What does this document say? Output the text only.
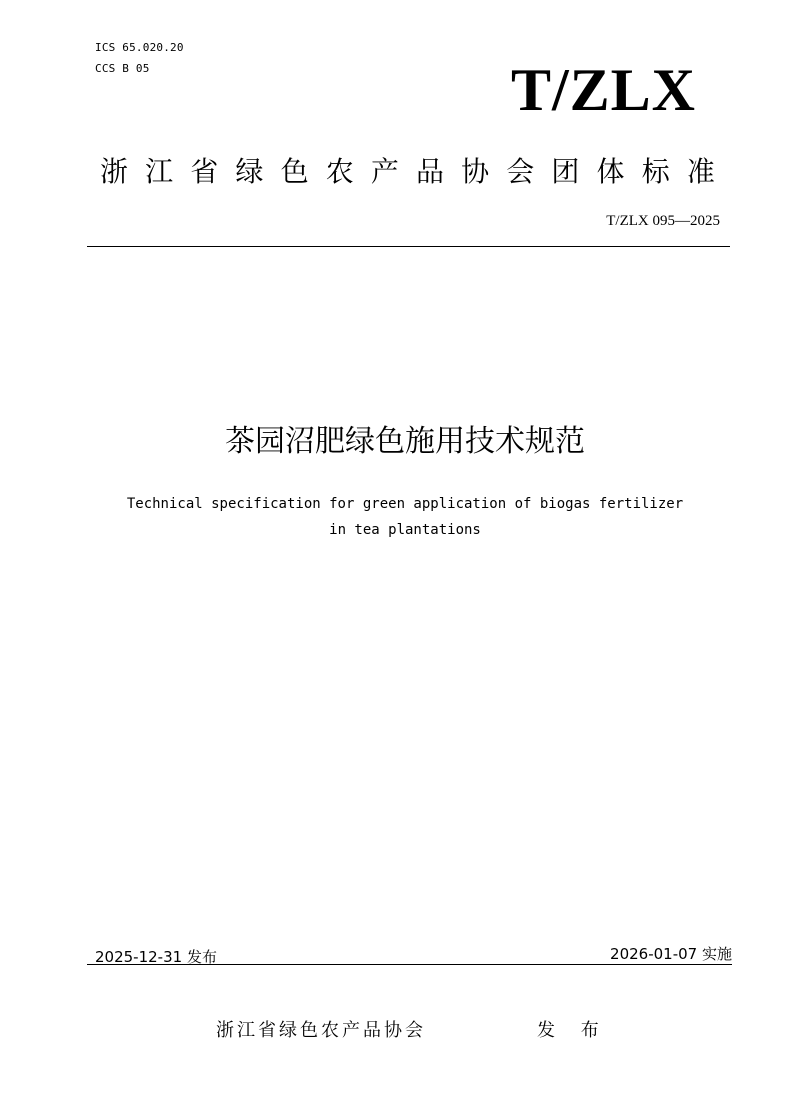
ICS 65.020.20
CCS B 05	T/ZLX
浙 江 省 绿 色 农 产 品 协 会 团 体 标 准
T/ZLX 095—2025
茶园沼肥绿色施用技术规范
Technical specification for green application of biogas fertilizer
in tea plantations
2025-12-31 发布	2026-01-07 实施
浙江省绿色农产品协会	发 布
